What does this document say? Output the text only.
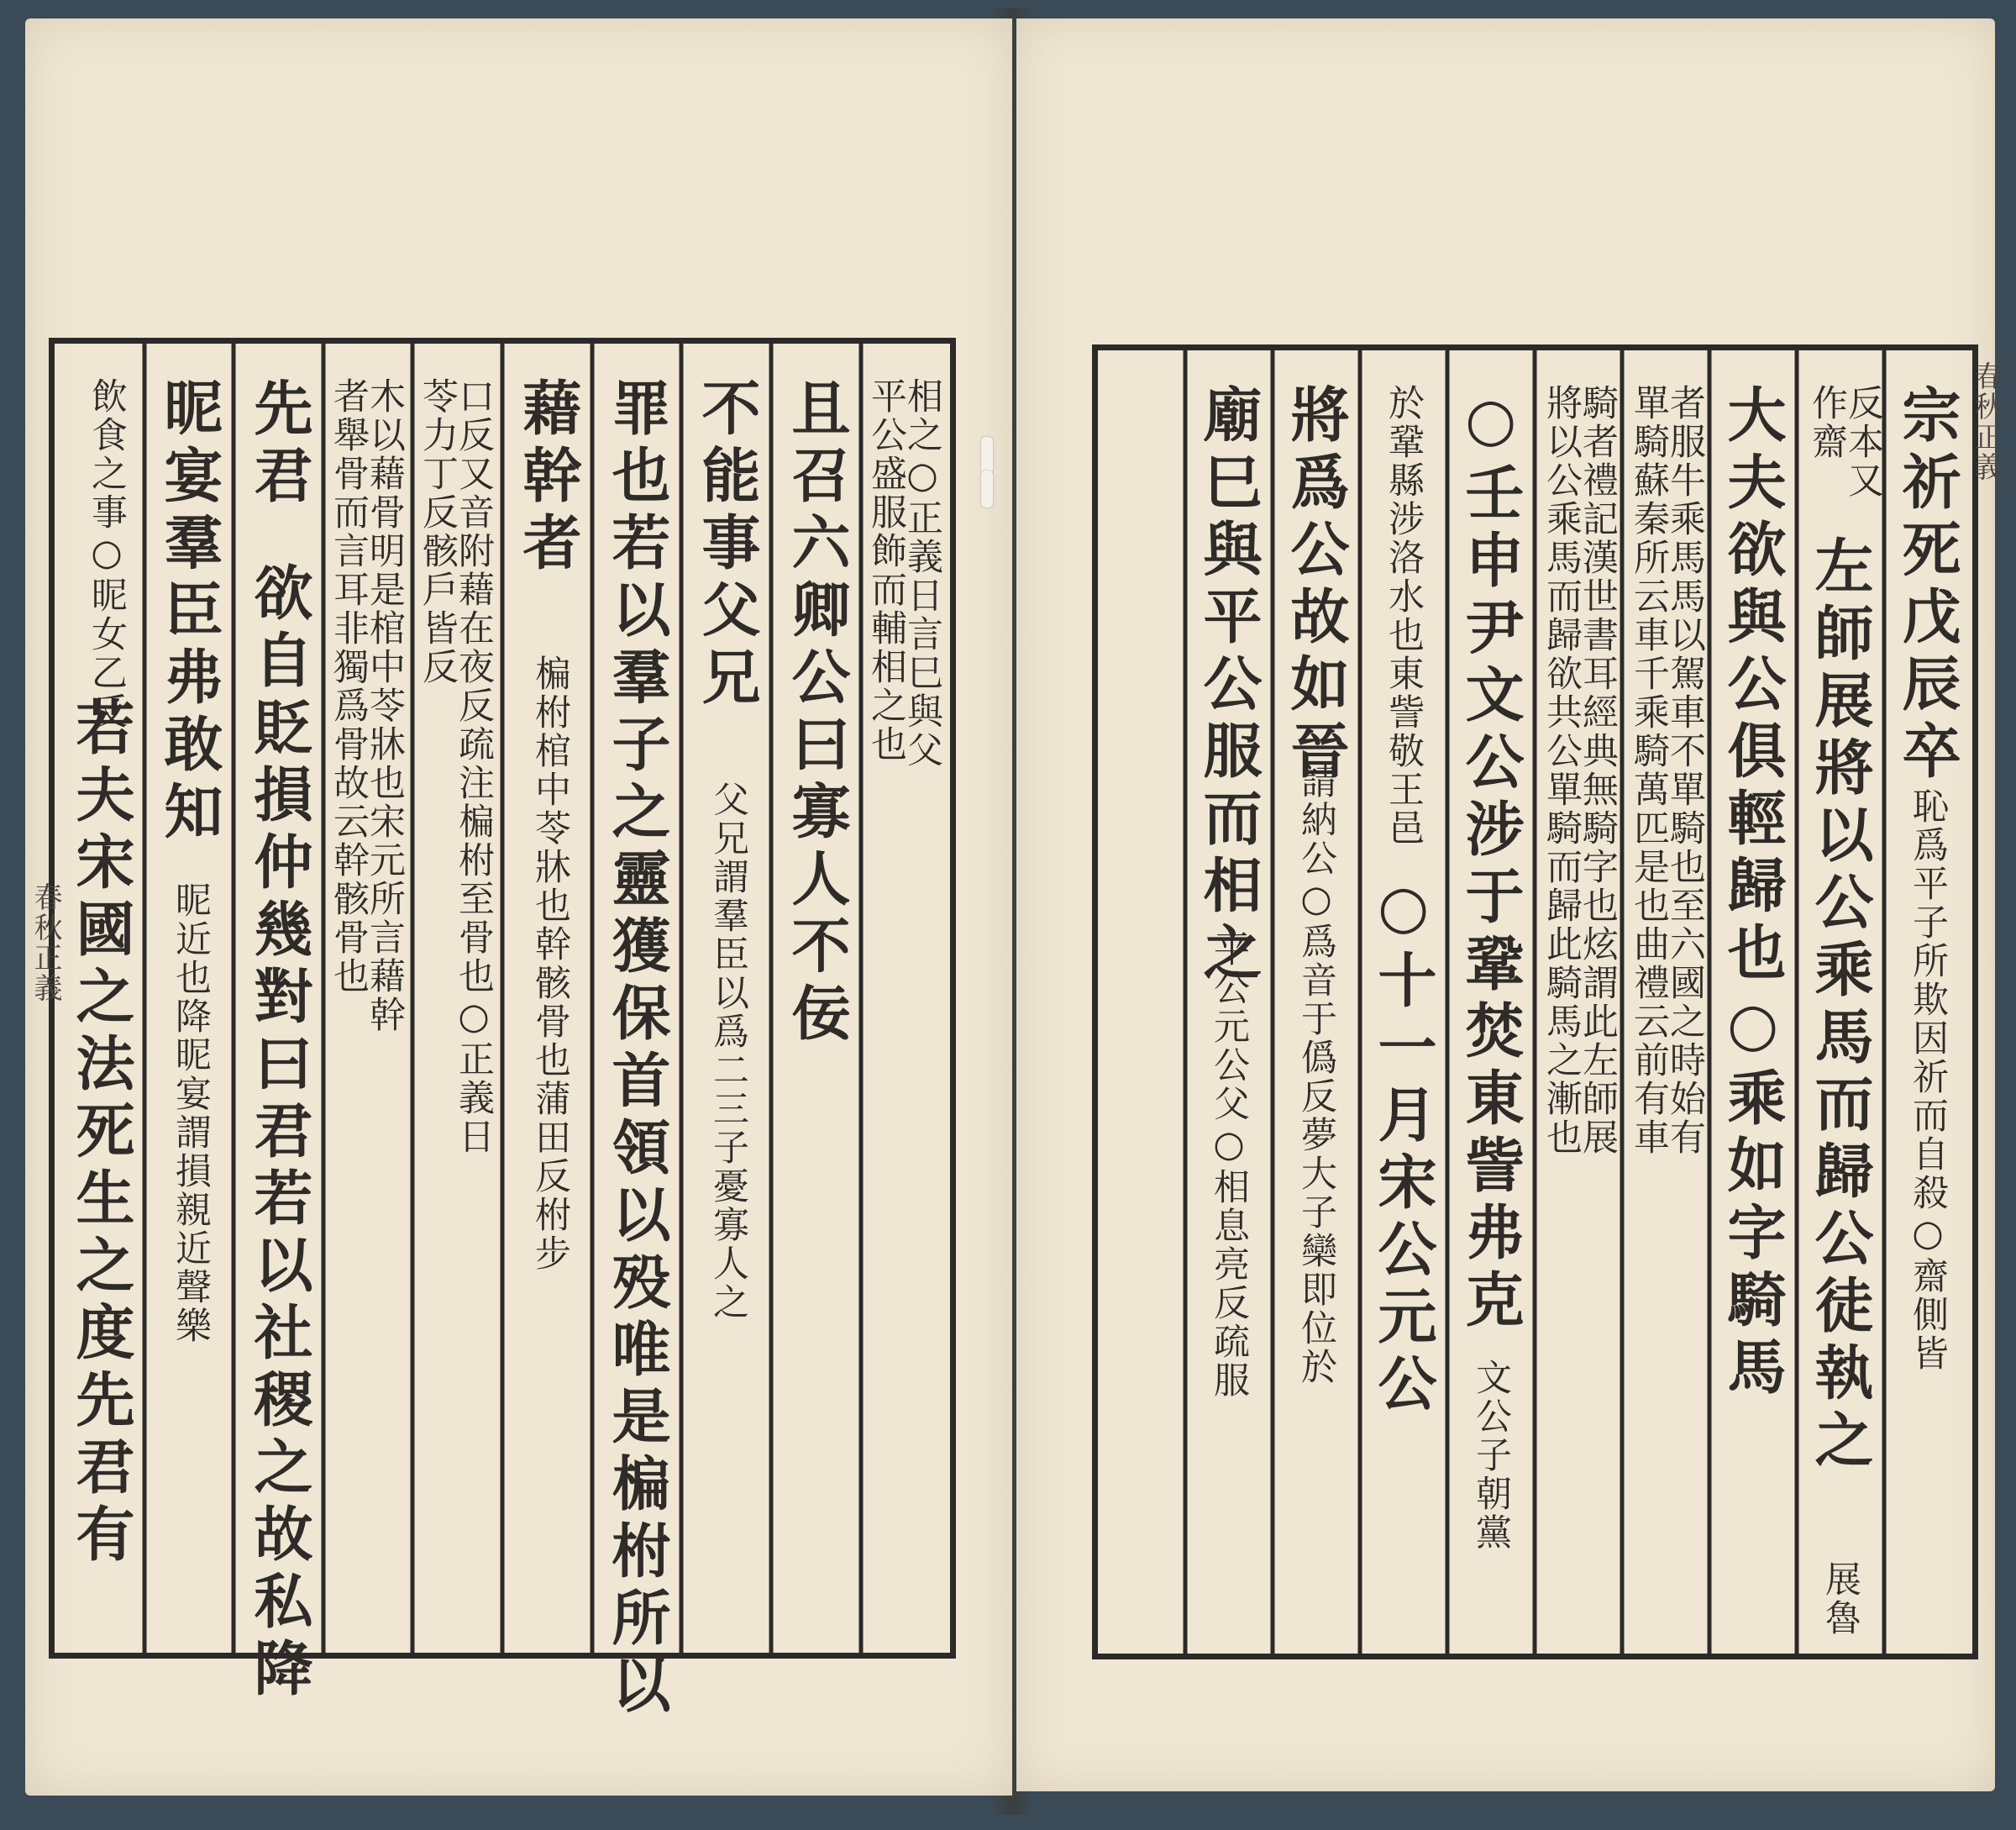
相之○正義日言巳與父
平公盛服飾而輔相之也
且召六卿公曰寡人不佞
不能事父兄
父兄謂羣臣以爲二三子憂寡人之
罪也若以羣子之靈獲保首領以殁唯是楄柎所以
藉幹者
楄柎棺中苓牀也幹骸骨也蒲田反柎步
口反又音附藉在夜反疏注楄柎至骨也○正義日
苓力丁反骸戶皆反
木以藉骨明是棺中苓牀也宋元所言藉幹
者舉骨而言耳非獨爲骨故云幹骸骨也
先君
欲自貶損仲幾對曰君若以社稷之故私降
昵宴羣臣弗敢知
昵近也降昵宴謂損親近聲樂
飲食之事○昵女乙反
若夫宋國之法死生之度先君有
春秋正義
宗祈死戊辰卒
恥爲平子所欺因祈而自殺○齋側皆
反本又
作齋
左師展將以公乘馬而歸公徒執之
展魯
大夫欲與公俱輕歸也○乘如字騎馬
者服牛乘馬馬以駕車不單騎也至六國之時始有
單騎蘇秦所云車千乘騎萬匹是也曲禮云前有車
騎者禮記漢世書耳經典無騎字也炫謂此左師展
將以公乘馬而歸欲共公單騎而歸此騎馬之漸也
○壬申尹文公涉于鞏焚東訾弗克
文公子朝黨
於鞏縣涉洛水也東訾敬王邑
○十一月宋公元公
將爲公故如晉
請納公○爲音于僞反夢大子欒即位於
廟巳與平公服而相之
平公元公父○相息亮反疏服
春秋正義
